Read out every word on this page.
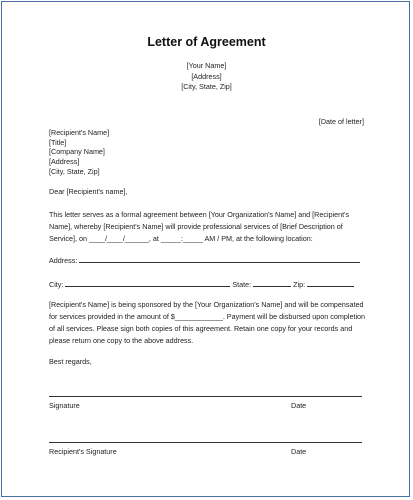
Letter of Agreement
[Your Name]
[Address]
[City, State, Zip]
[Date of letter]
[Recipient's Name]
[Title]
[Company Name]
[Address]
[City, State, Zip]
Dear [Recipient's name],
This letter serves as a formal agreement between [Your Organization's Name] and [Recipient's Name], whereby [Recipient's Name] will provide professional services of [Brief Description of Service], on ____/____/______, at _____:_____ AM / PM, at the following location:
Address:
City:	State:	Zip:
[Recipient's Name] is being sponsored by the [Your Organization's Name] and will be compensated for services provided in the amount of $____________. Payment will be disbursed upon completion of all services. Please sign both copies of this agreement. Retain one copy for your records and please return one copy to the above address.
Best regards,
Signature	Date
Recipient's Signature	Date
